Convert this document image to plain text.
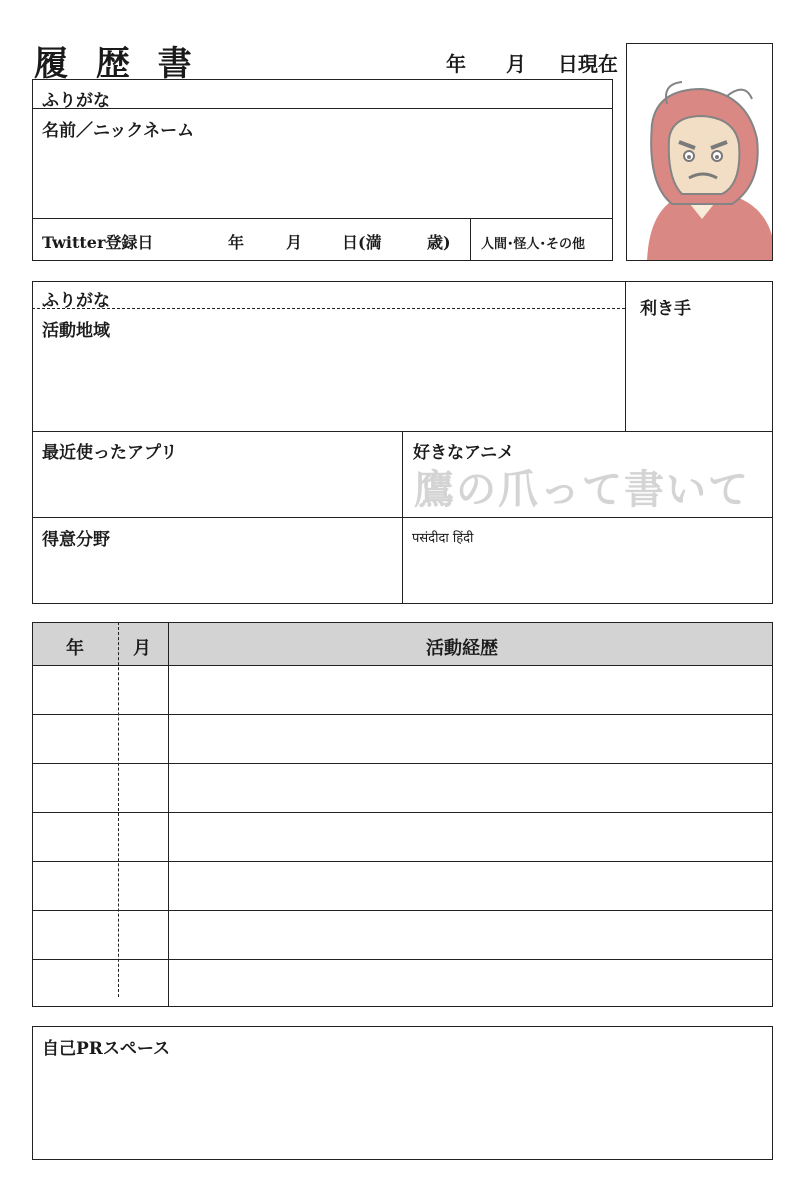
履 歴 書	年 月 日現在
ふりがな
名前／ニックネーム
Twitter登録日	年	月 日(満	歳) 人間･怪人･その他
ふりがな
活動地域
利き手
最近使ったアプリ	好きなアニメ
鷹の爪って書いて
得意分野	पसंदीदा हिंदी
年	月	活動経歴
自己PRスペース
